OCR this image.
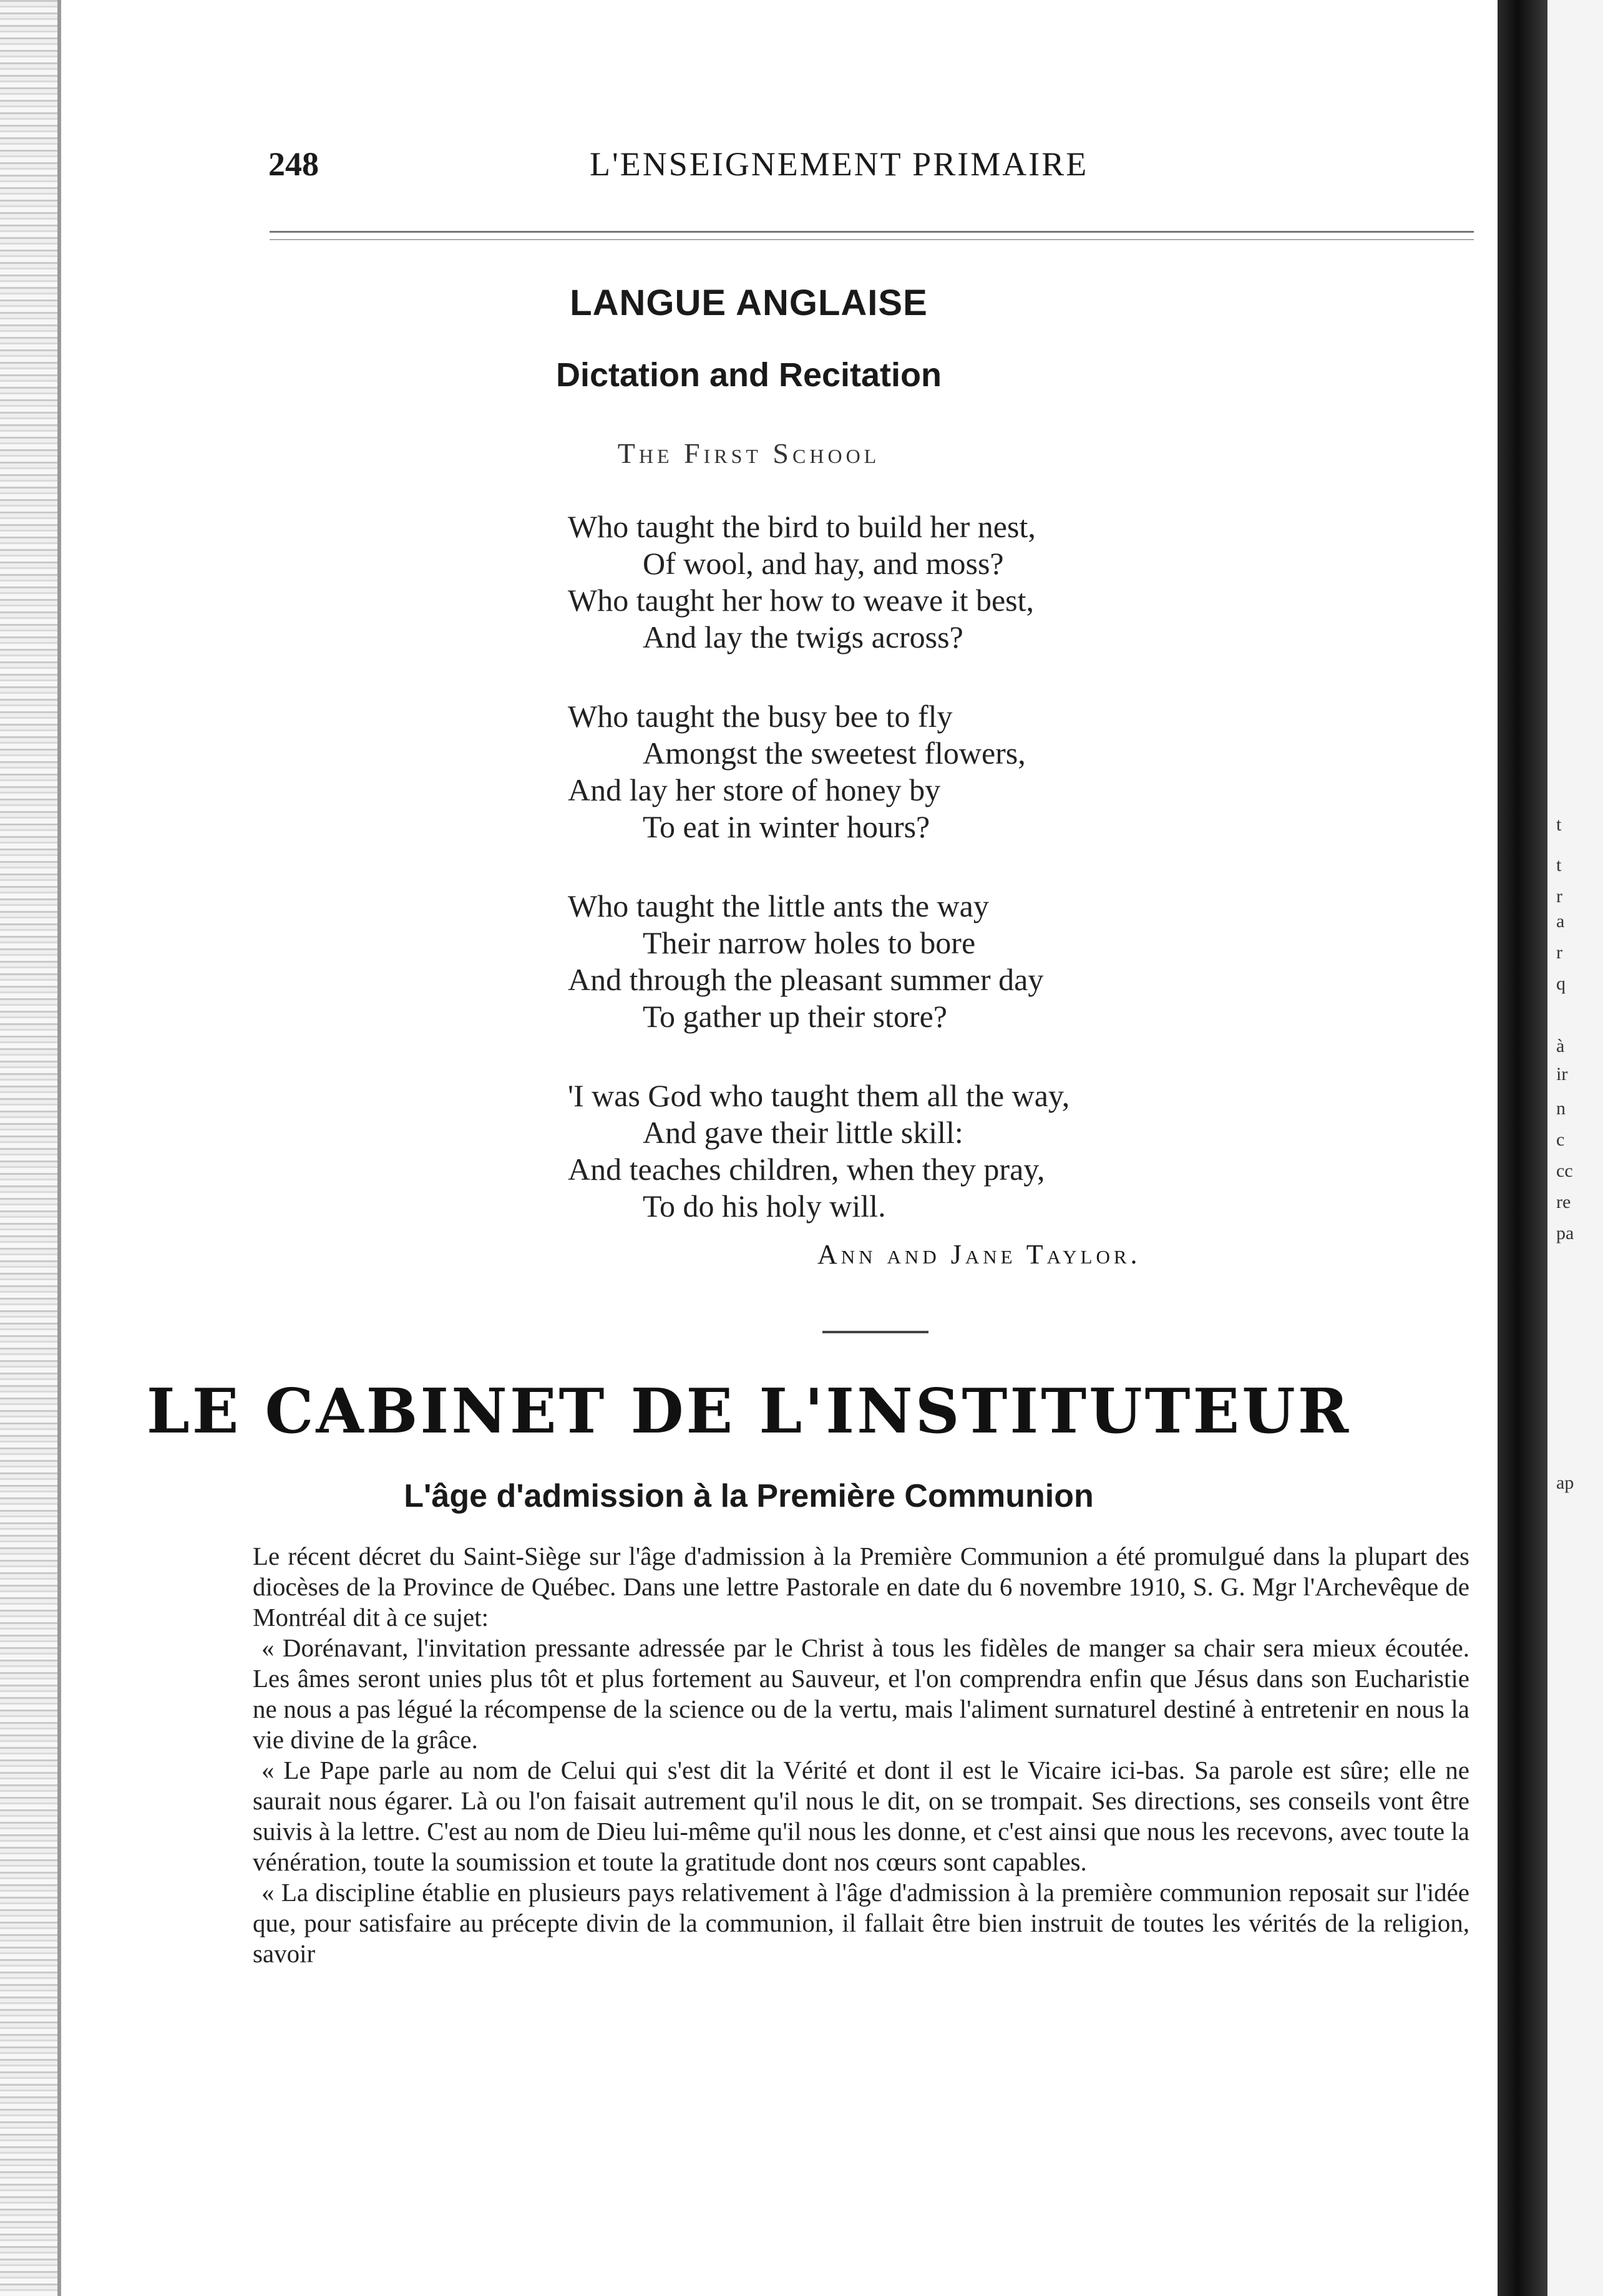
t
t
r
a
r
q
à
ir
n
c
cc
re
pa
ap
248	L'ENSEIGNEMENT PRIMAIRE
LANGUE ANGLAISE
Dictation and Recitation
The First School
Who taught the bird to build her nest,
Of wool, and hay, and moss?
Who taught her how to weave it best,
And lay the twigs across?
Who taught the busy bee to fly
Amongst the sweetest flowers,
And lay her store of honey by
To eat in winter hours?
Who taught the little ants the way
Their narrow holes to bore
And through the pleasant summer day
To gather up their store?
'I was God who taught them all the way,
And gave their little skill:
And teaches children, when they pray,
To do his holy will.
Ann and Jane Taylor.
LE CABINET DE L'INSTITUTEUR
L'âge d'admission à la Première Communion

Le récent décret du Saint-Siège sur l'âge d'admission à la Première Communion a été promulgué dans la plupart des diocèses de la Province de Québec. Dans une lettre Pastorale en date du 6 novembre 1910, S. G. Mgr l'Archevêque de Montréal dit à ce sujet:

« Dorénavant, l'invitation pressante adressée par le Christ à tous les fidèles de manger sa chair sera mieux écoutée. Les âmes seront unies plus tôt et plus fortement au Sauveur, et l'on comprendra enfin que Jésus dans son Eucharistie ne nous a pas légué la récompense de la science ou de la vertu, mais l'aliment surnaturel destiné à entretenir en nous la vie divine de la grâce.

« Le Pape parle au nom de Celui qui s'est dit la Vérité et dont il est le Vicaire ici-bas. Sa parole est sûre; elle ne saurait nous égarer. Là ou l'on faisait autrement qu'il nous le dit, on se trompait. Ses directions, ses conseils vont être suivis à la lettre. C'est au nom de Dieu lui-même qu'il nous les donne, et c'est ainsi que nous les recevons, avec toute la vénération, toute la soumission et toute la gratitude dont nos cœurs sont capables.

« La discipline établie en plusieurs pays relativement à l'âge d'admission à la première communion reposait sur l'idée que, pour satisfaire au précepte divin de la communion, il fallait être bien instruit de toutes les vérités de la religion, savoir
